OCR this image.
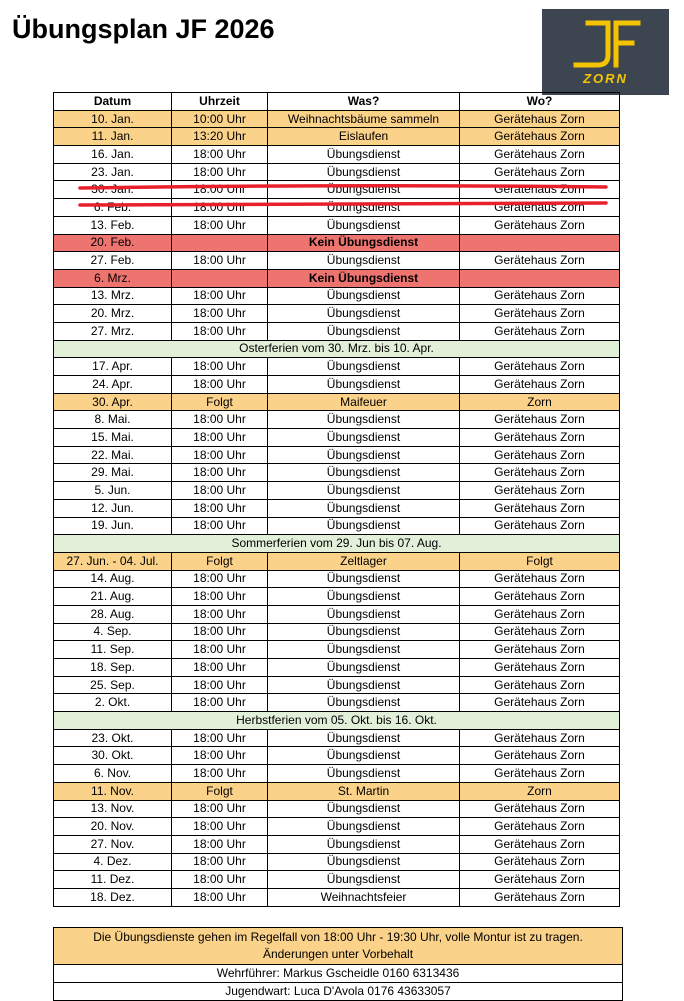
Übungsplan JF 2026
ZORN
Datum	Uhrzeit	Was?	Wo?
10. Jan.	10:00 Uhr	Weihnachtsbäume sammeln	Gerätehaus Zorn
11. Jan.	13:20 Uhr	Eislaufen	Gerätehaus Zorn
16. Jan.	18:00 Uhr	Übungsdienst	Gerätehaus Zorn
23. Jan.	18:00 Uhr	Übungsdienst	Gerätehaus Zorn
30. Jan.	18:00 Uhr	Übungsdienst	Gerätehaus Zorn
6. Feb.	18:00 Uhr	Übungsdienst	Gerätehaus Zorn
13. Feb.	18:00 Uhr	Übungsdienst	Gerätehaus Zorn
20. Feb.		Kein Übungsdienst	
27. Feb.	18:00 Uhr	Übungsdienst	Gerätehaus Zorn
6. Mrz.		Kein Übungsdienst	
13. Mrz.	18:00 Uhr	Übungsdienst	Gerätehaus Zorn
20. Mrz.	18:00 Uhr	Übungsdienst	Gerätehaus Zorn
27. Mrz.	18:00 Uhr	Übungsdienst	Gerätehaus Zorn
Osterferien vom 30. Mrz. bis 10. Apr.			
17. Apr.	18:00 Uhr	Übungsdienst	Gerätehaus Zorn
24. Apr.	18:00 Uhr	Übungsdienst	Gerätehaus Zorn
30. Apr.	Folgt	Maifeuer	Zorn
8. Mai.	18:00 Uhr	Übungsdienst	Gerätehaus Zorn
15. Mai.	18:00 Uhr	Übungsdienst	Gerätehaus Zorn
22. Mai.	18:00 Uhr	Übungsdienst	Gerätehaus Zorn
29. Mai.	18:00 Uhr	Übungsdienst	Gerätehaus Zorn
5. Jun.	18:00 Uhr	Übungsdienst	Gerätehaus Zorn
12. Jun.	18:00 Uhr	Übungsdienst	Gerätehaus Zorn
19. Jun.	18:00 Uhr	Übungsdienst	Gerätehaus Zorn
Sommerferien vom 29. Jun bis 07. Aug.			
27. Jun. - 04. Jul.	Folgt	Zeltlager	Folgt
14. Aug.	18:00 Uhr	Übungsdienst	Gerätehaus Zorn
21. Aug.	18:00 Uhr	Übungsdienst	Gerätehaus Zorn
28. Aug.	18:00 Uhr	Übungsdienst	Gerätehaus Zorn
4. Sep.	18:00 Uhr	Übungsdienst	Gerätehaus Zorn
11. Sep.	18:00 Uhr	Übungsdienst	Gerätehaus Zorn
18. Sep.	18:00 Uhr	Übungsdienst	Gerätehaus Zorn
25. Sep.	18:00 Uhr	Übungsdienst	Gerätehaus Zorn
2. Okt.	18:00 Uhr	Übungsdienst	Gerätehaus Zorn
Herbstferien vom 05. Okt. bis 16. Okt.			
23. Okt.	18:00 Uhr	Übungsdienst	Gerätehaus Zorn
30. Okt.	18:00 Uhr	Übungsdienst	Gerätehaus Zorn
6. Nov.	18:00 Uhr	Übungsdienst	Gerätehaus Zorn
11. Nov.	Folgt	St. Martin	Zorn
13. Nov.	18:00 Uhr	Übungsdienst	Gerätehaus Zorn
20. Nov.	18:00 Uhr	Übungsdienst	Gerätehaus Zorn
27. Nov.	18:00 Uhr	Übungsdienst	Gerätehaus Zorn
4. Dez.	18:00 Uhr	Übungsdienst	Gerätehaus Zorn
11. Dez.	18:00 Uhr	Übungsdienst	Gerätehaus Zorn
18. Dez.	18:00 Uhr	Weihnachtsfeier	Gerätehaus Zorn
Die Übungsdienste gehen im Regelfall von 18:00 Uhr - 19:30 Uhr, volle Montur ist zu tragen.
Änderungen unter Vorbehalt
Wehrführer: Markus Gscheidle 0160 6313436
Jugendwart: Luca D'Avola 0176 43633057
